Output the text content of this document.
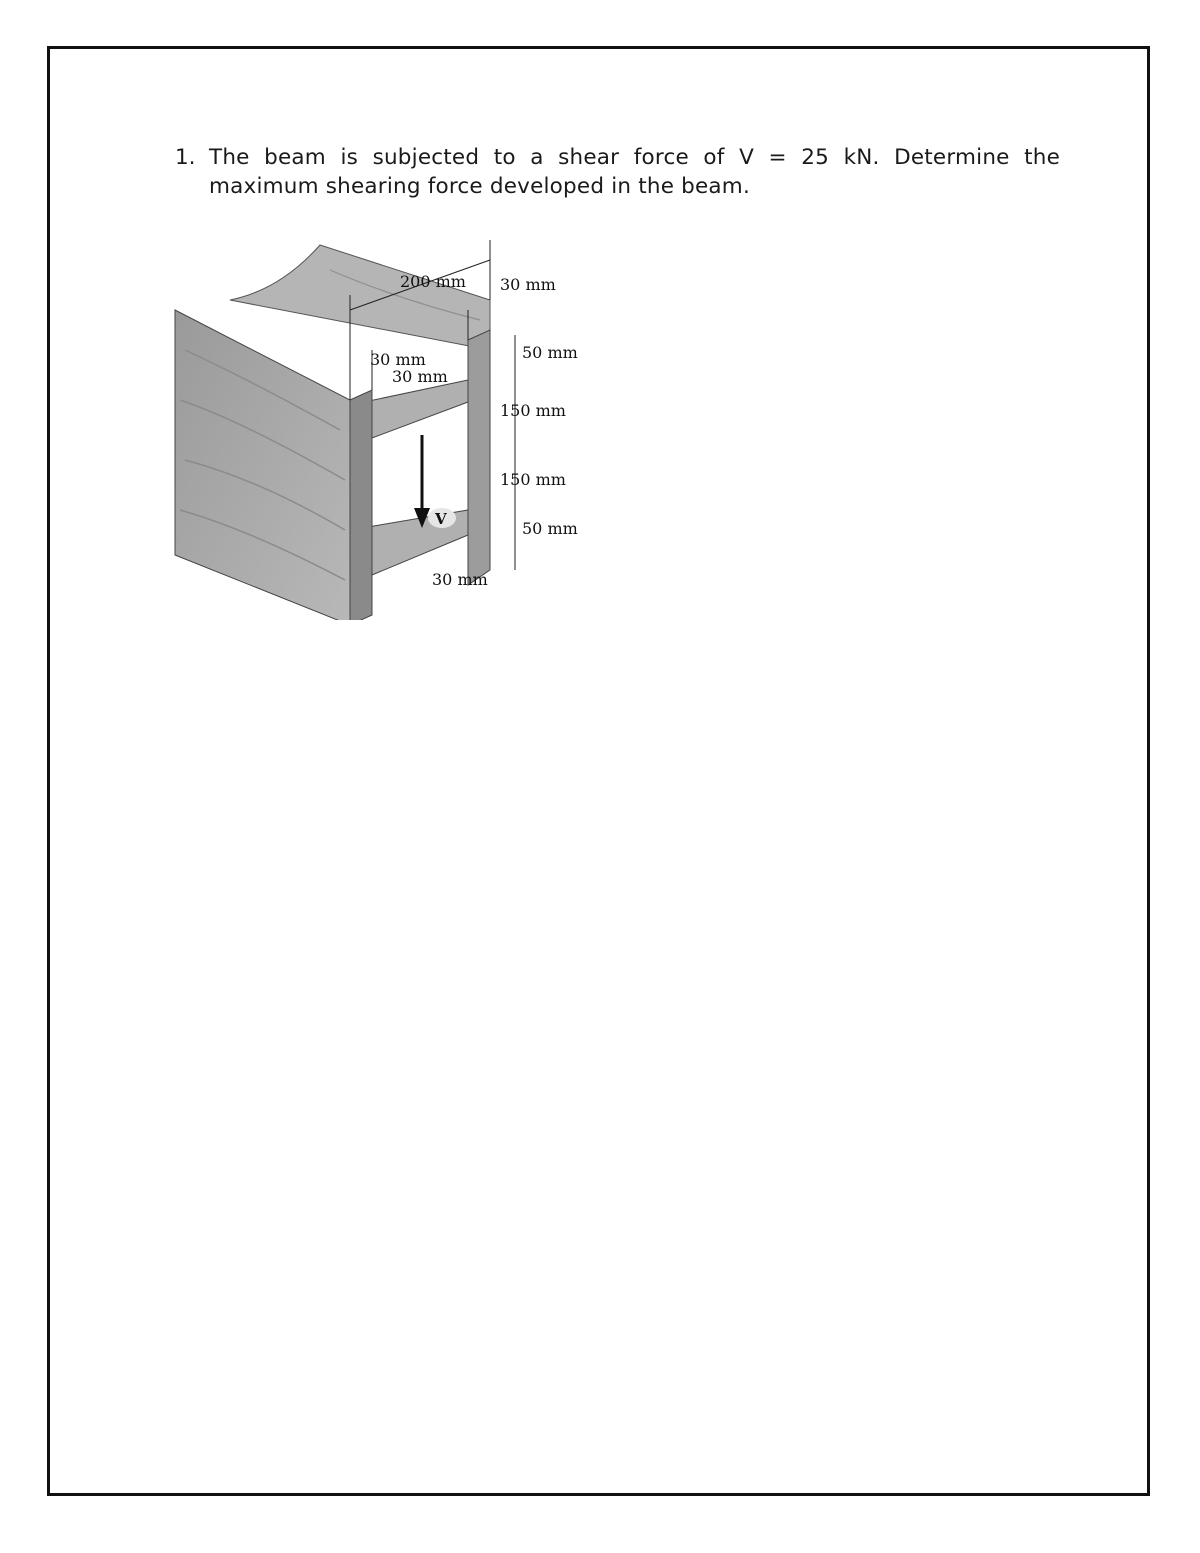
1. The beam is subjected to a shear force of V = 25 kN. Determine the maximum shearing force developed in the beam.
V
200 mm 30 mm
30 mm
30 mm
50 mm
150 mm
150 mm
50 mm
30 mm
